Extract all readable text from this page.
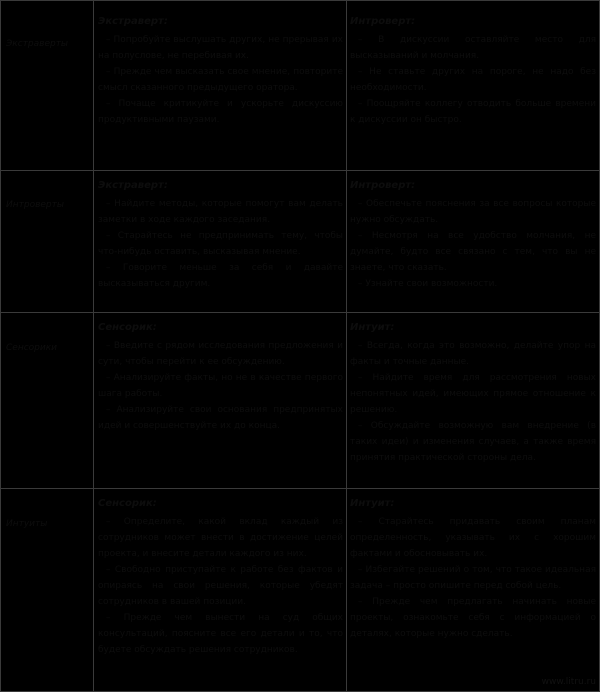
Экстраверты
Экстраверт:

– Попробуйте выслушать других, не прерывая их на полуслове, не перебивая их.

– Прежде чем высказать свое мнение, повторите смысл сказанного предыдущего оратора.

– Почаще критикуйте и ускорьте дискуссию продуктивными паузами.

Интроверт:

– В дискуссии оставляйте место для высказываний и молчания.

– Не ставьте других на пороге, не надо без необходимости.

– Поощряйте коллегу отводить больше времени к дискуссии он быстро.

Интроверты
Экстраверт:

– Найдите методы, которые помогут вам делать заметки в ходе каждого заседания.

– Старайтесь не предпринимать тему, чтобы что-нибудь оставить, высказывая мнение.

– Говорите меньше за себя и давайте высказываться другим.

Интроверт:

– Обеспечьте пояснения за все вопросы которые нужно обсуждать.

– Несмотря на все удобство молчания, не думайте, будто все связано с тем, что вы не знаете, что сказать.

– Узнайте свои возможности.

Сенсорики
Сенсорик:

– Введите с рядом исследования предложения и сути, чтобы перейти к ее обсуждению.

– Анализируйте факты, но не в качестве первого шага работы.

– Анализируйте свои основания предпринятых идей и совершенствуйте их до конца.

Интуит:

– Всегда, когда это возможно, делайте упор на факты и точные данные.

– Найдите время для рассмотрения новых непонятных идей, имеющих прямое отношение к решению.

– Обсуждайте возможную вам внедрение (в таких идеи) и изменения случаев, а также время принятия практической стороны дела.

Интуиты
Сенсорик:

– Определите, какой вклад каждый из сотрудников может внести в достижение целей проекта, и внесите детали каждого из них.

– Свободно приступайте к работе без фактов и опираясь на свои решения, которые убедят сотрудников в вашей позиции.

– Прежде чем вынести на суд общих консультаций, поясните все его детали и то, что будете обсуждать решения сотрудников.

Интуит:

– Старайтесь придавать своим планам определенность, указывать их с хорошим фактами и обосновывать их.

– Избегайте решений о том, что такое идеальная задача – просто опишите перед собой цель.

– Прежде чем предлагать начинать новые проекты, ознакомьте себя с информацией о деталях, которые нужно сделать.

www.litru.ru
